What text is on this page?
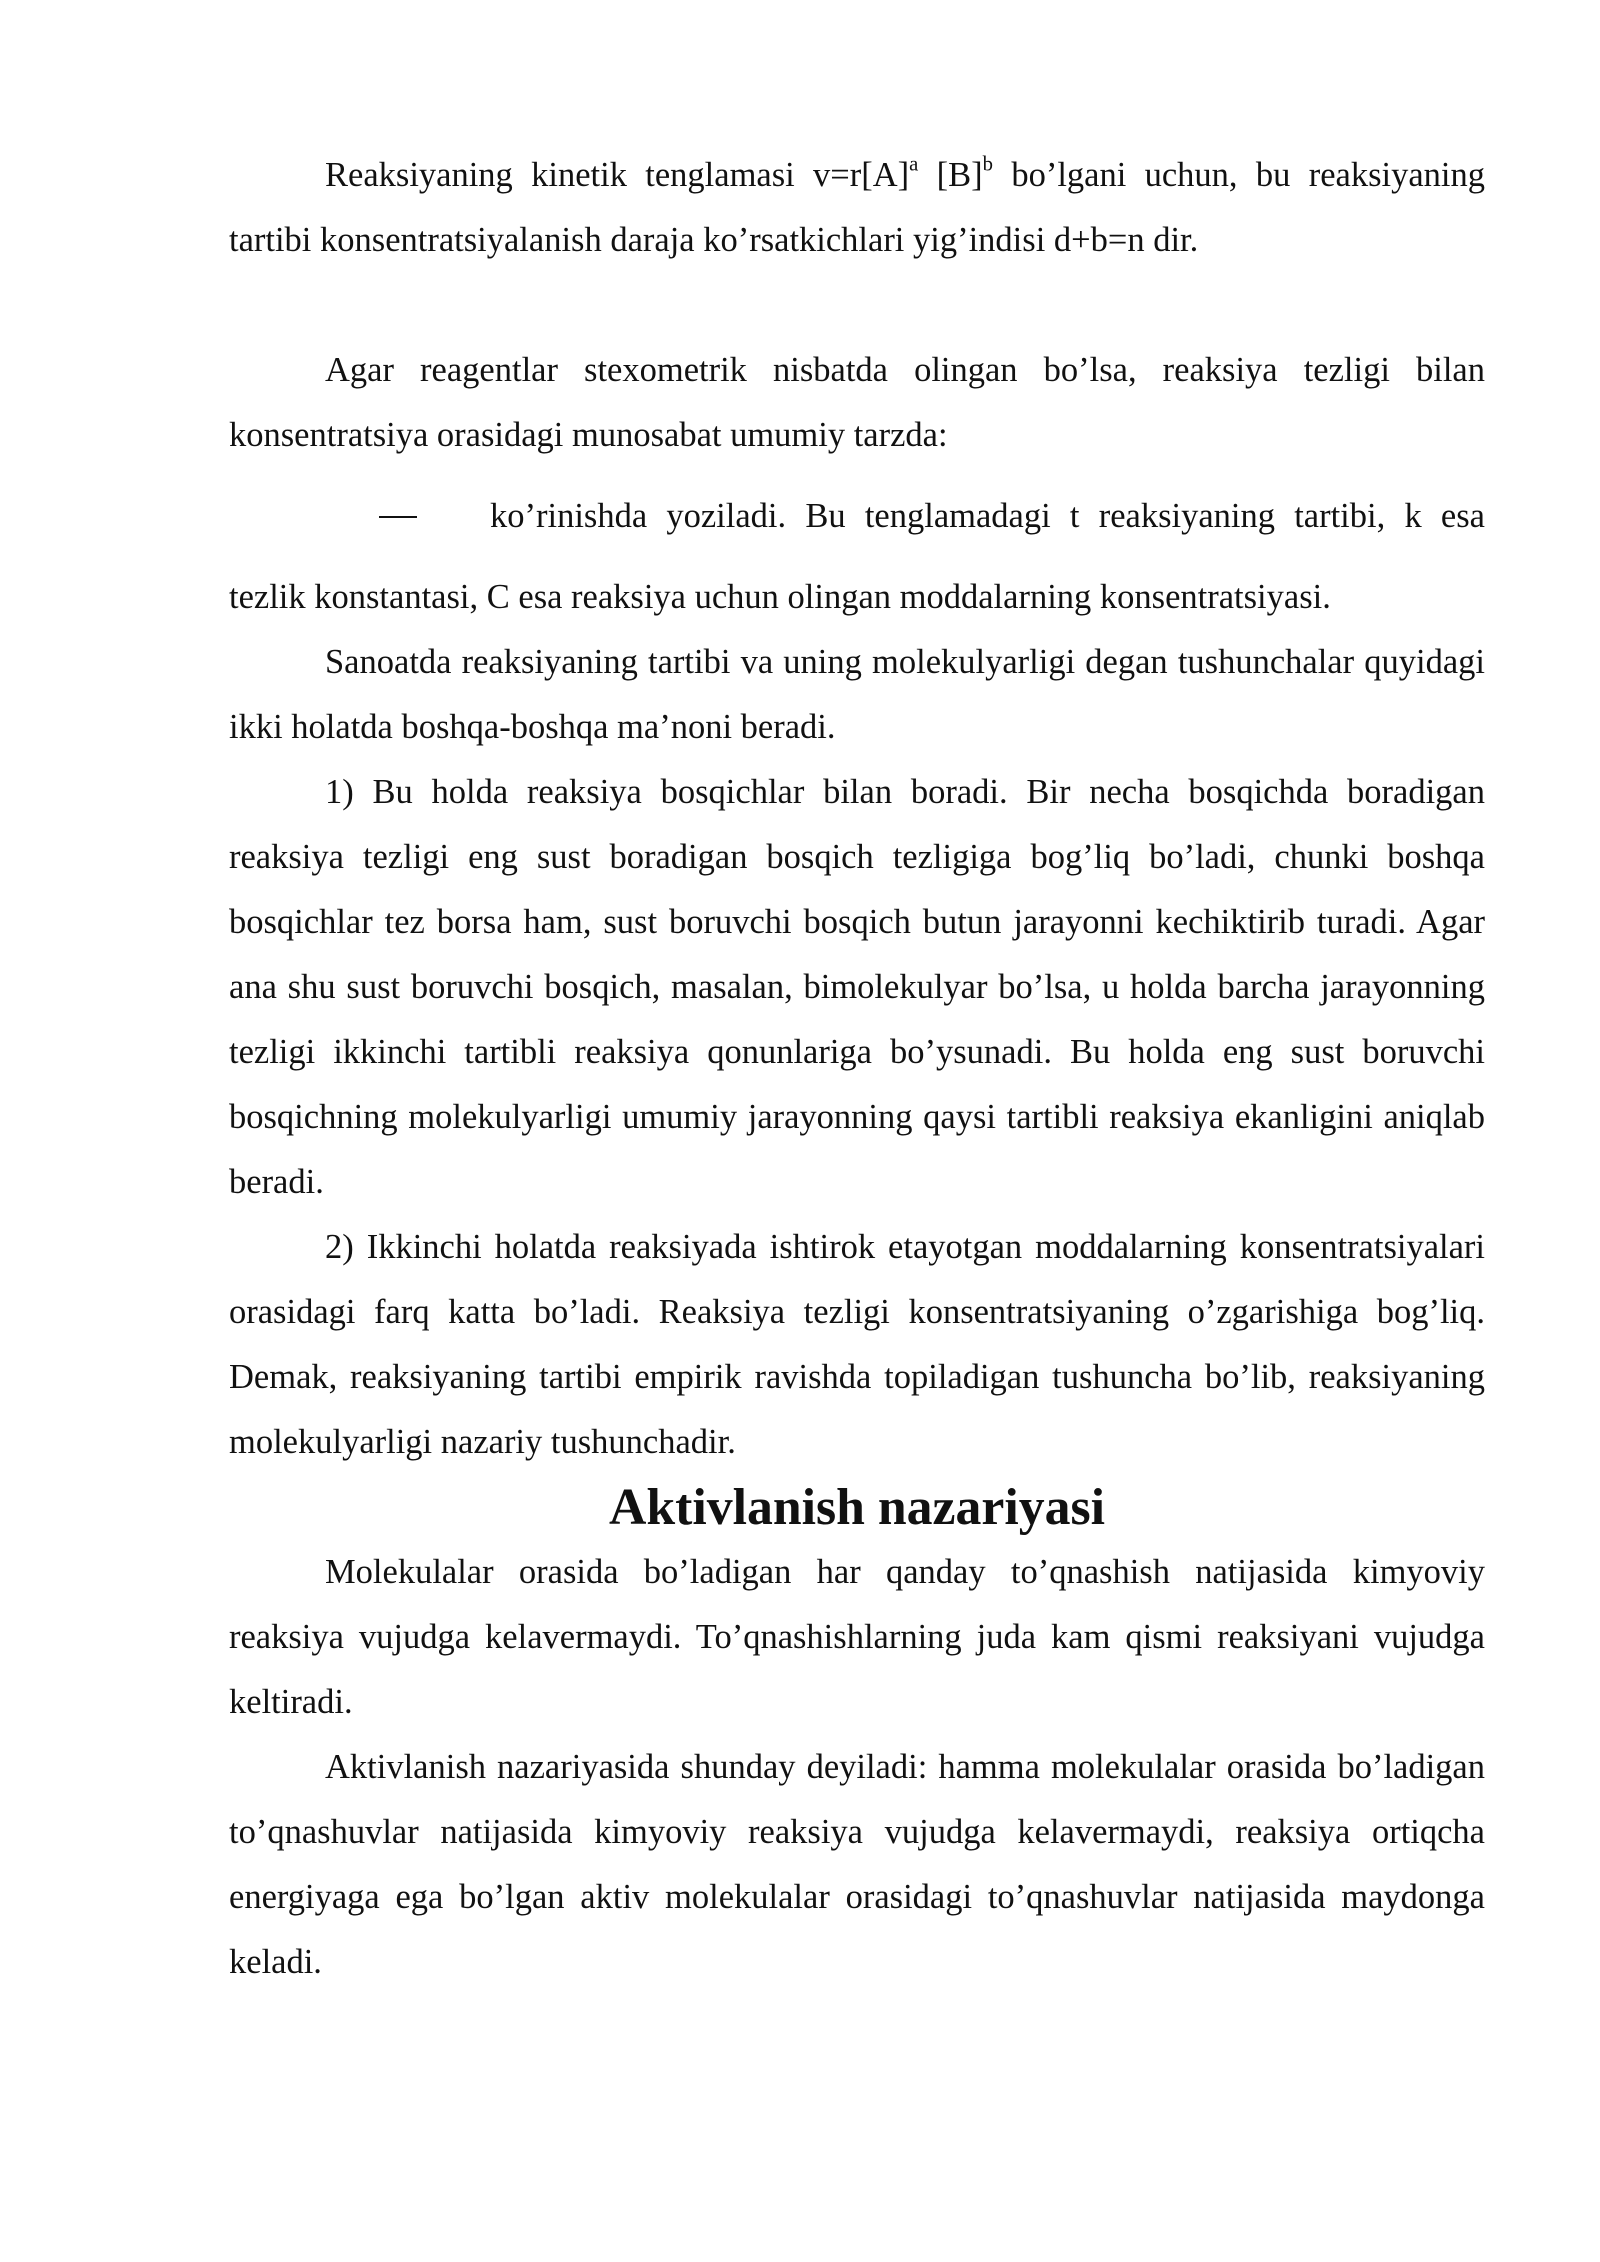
Reaksiyaning kinetik tenglamasi $v=r[A]^a$ $[B]^b$ bo’lgani uchun, bu reaksiyaning tartibi konsentratsiyalanish daraja ko’rsatkichlari yig’indisi d+b=n dir.

Agar reagentlar stexometrik nisbatda olingan bo’lsa, reaksiya tezligi bilan konsentratsiya orasidagi munosabat umumiy tarzda:

ko’rinishda yoziladi. Bu tenglamadagi t reaksiyaning tartibi, k esa

tezlik konstantasi, C esa reaksiya uchun olingan moddalarning konsentratsiyasi.

Sanoatda reaksiyaning tartibi va uning molekulyarligi degan tushunchalar quyidagi ikki holatda boshqa-boshqa ma’noni beradi.

1) Bu holda reaksiya bosqichlar bilan boradi. Bir necha bosqichda boradigan reaksiya tezligi eng sust boradigan bosqich tezligiga bog’liq bo’ladi, chunki boshqa bosqichlar tez borsa ham, sust boruvchi bosqich butun jarayonni kechiktirib turadi. Agar ana shu sust boruvchi bosqich, masalan, bimolekulyar bo’lsa, u holda barcha jarayonning tezligi ikkinchi tartibli reaksiya qonunlariga bo’ysunadi. Bu holda eng sust boruvchi bosqichning molekulyarligi umumiy jarayonning qaysi tartibli reaksiya ekanligini aniqlab beradi.

2) Ikkinchi holatda reaksiyada ishtirok etayotgan moddalarning konsentratsiyalari orasidagi farq katta bo’ladi. Reaksiya tezligi konsentratsiyaning o’zgarishiga bog’liq. Demak, reaksiyaning tartibi empirik ravishda topiladigan tushuncha bo’lib, reaksiyaning molekulyarligi nazariy tushunchadir.

Aktivlanish nazariyasi

Molekulalar orasida bo’ladigan har qanday to’qnashish natijasida kimyoviy reaksiya vujudga kelavermaydi. To’qnashishlarning juda kam qismi reaksiyani vujudga keltiradi.

Aktivlanish nazariyasida shunday deyiladi: hamma molekulalar orasida bo’ladigan to’qnashuvlar natijasida kimyoviy reaksiya vujudga kelavermaydi, reaksiya ortiqcha energiyaga ega bo’lgan aktiv molekulalar orasidagi to’qnashuvlar natijasida maydonga keladi.
